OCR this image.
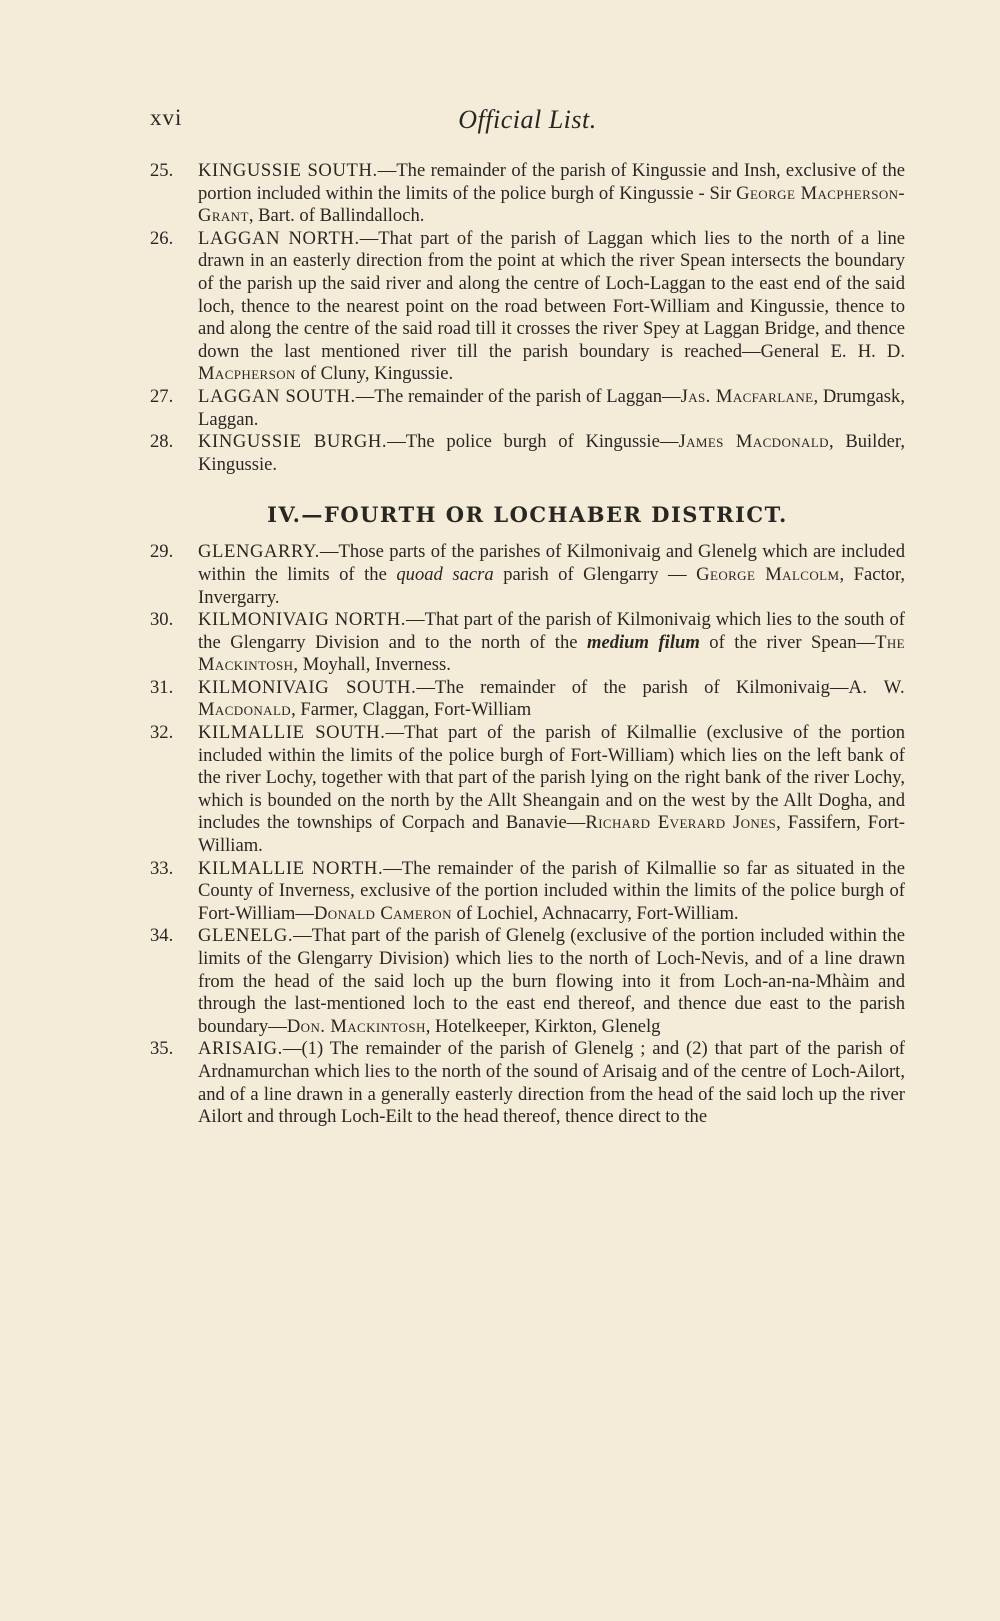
xvi	Official List.

25. KINGUSSIE SOUTH.—The remainder of the parish of Kingussie and Insh, exclusive of the portion included within the limits of the police burgh of Kingussie - Sir George Macpherson-Grant, Bart. of Ballindalloch.

26. LAGGAN NORTH.—That part of the parish of Laggan which lies to the north of a line drawn in an easterly direction from the point at which the river Spean intersects the boundary of the parish up the said river and along the centre of Loch-Laggan to the east end of the said loch, thence to the nearest point on the road between Fort-William and Kingussie, thence to and along the centre of the said road till it crosses the river Spey at Laggan Bridge, and thence down the last mentioned river till the parish boundary is reached—General E. H. D. Macpherson of Cluny, Kingussie.

27. LAGGAN SOUTH.—The remainder of the parish of Laggan—Jas. Macfarlane, Drumgask, Laggan.

28. KINGUSSIE BURGH.—The police burgh of Kingussie—James Macdonald, Builder, Kingussie.

IV.—FOURTH OR LOCHABER DISTRICT.

29. GLENGARRY.—Those parts of the parishes of Kilmonivaig and Glenelg which are included within the limits of the quoad sacra parish of Glengarry — George Malcolm, Factor, Invergarry.

30. KILMONIVAIG NORTH.—That part of the parish of Kilmonivaig which lies to the south of the Glengarry Division and to the north of the medium filum of the river Spean—The Mackintosh, Moyhall, Inverness.

31. KILMONIVAIG SOUTH.—The remainder of the parish of Kilmonivaig—A. W. Macdonald, Farmer, Claggan, Fort-William

32. KILMALLIE SOUTH.—That part of the parish of Kilmallie (exclusive of the portion included within the limits of the police burgh of Fort-William) which lies on the left bank of the river Lochy, together with that part of the parish lying on the right bank of the river Lochy, which is bounded on the north by the Allt Sheangain and on the west by the Allt Dogha, and includes the townships of Corpach and Banavie—Richard Everard Jones, Fassifern, Fort-William.

33. KILMALLIE NORTH.—The remainder of the parish of Kilmallie so far as situated in the County of Inverness, exclusive of the portion included within the limits of the police burgh of Fort-William—Donald Cameron of Lochiel, Achnacarry, Fort-William.

34. GLENELG.—That part of the parish of Glenelg (exclusive of the portion included within the limits of the Glengarry Division) which lies to the north of Loch-Nevis, and of a line drawn from the head of the said loch up the burn flowing into it from Loch-an-na-Mhàim and through the last-mentioned loch to the east end thereof, and thence due east to the parish boundary—Don. Mackintosh, Hotelkeeper, Kirkton, Glenelg

35. ARISAIG.—(1) The remainder of the parish of Glenelg ; and (2) that part of the parish of Ardnamurchan which lies to the north of the sound of Arisaig and of the centre of Loch-Ailort, and of a line drawn in a generally easterly direction from the head of the said loch up the river Ailort and through Loch-Eilt to the head thereof, thence direct to the
